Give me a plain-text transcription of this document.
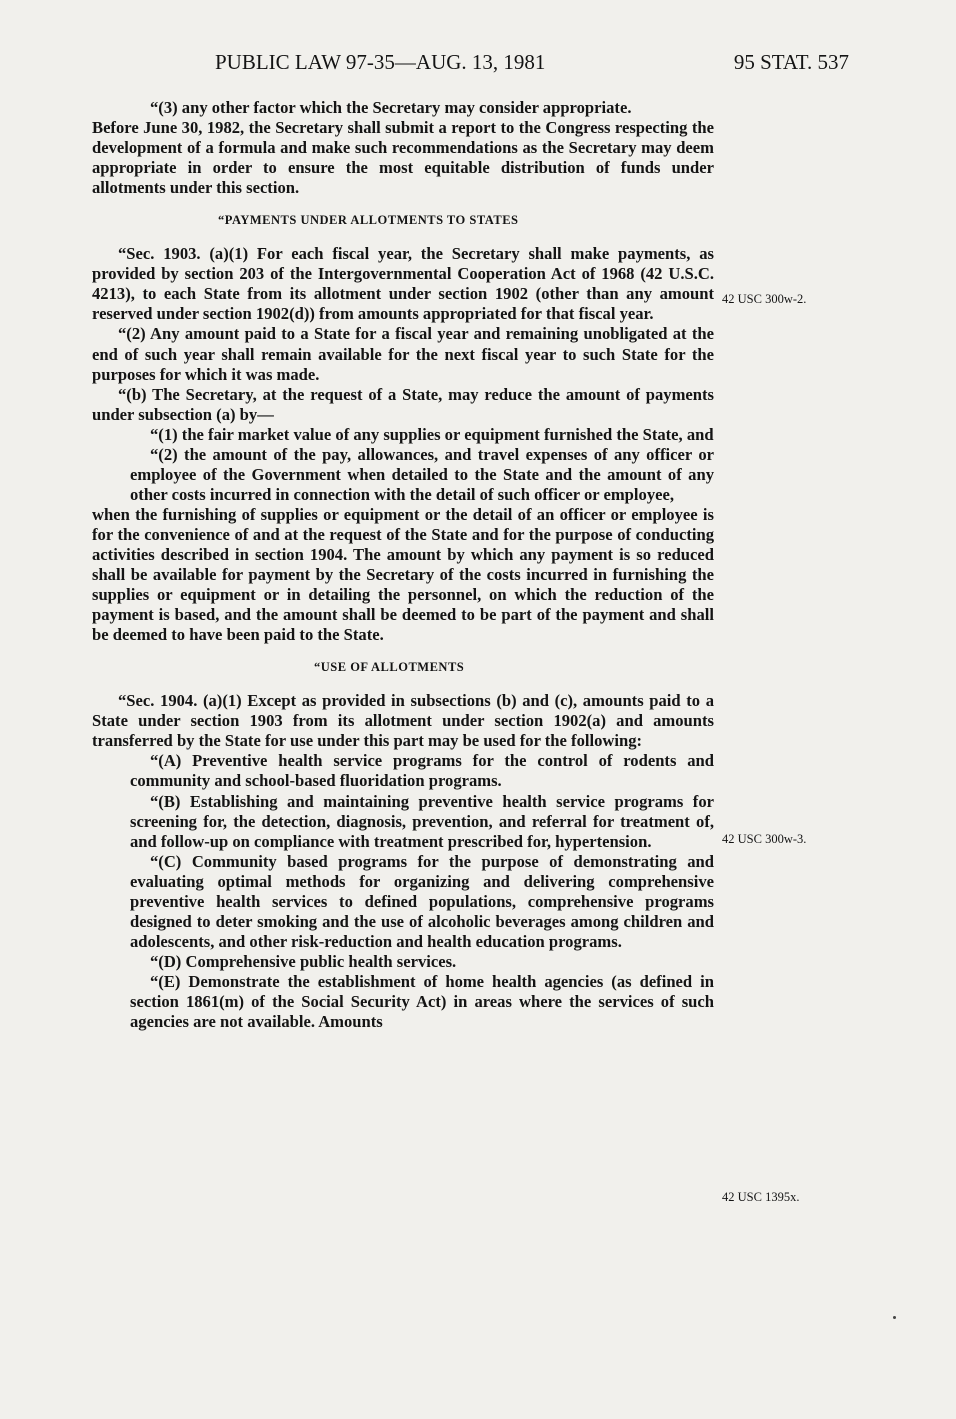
PUBLIC LAW 97-35—AUG. 13, 1981	95 STAT. 537
42 USC 300w-2.
42 USC 300w-3.
42 USC 1395x.

“(3) any other factor which the Secretary may consider appropriate.

Before June 30, 1982, the Secretary shall submit a report to the Congress respecting the development of a formula and make such recommendations as the Secretary may deem appropriate in order to ensure the most equitable distribution of funds under allotments under this section.

“PAYMENTS UNDER ALLOTMENTS TO STATES

“Sec. 1903. (a)(1) For each fiscal year, the Secretary shall make payments, as provided by section 203 of the Intergovernmental Cooperation Act of 1968 (42 U.S.C. 4213), to each State from its allotment under section 1902 (other than any amount reserved under section 1902(d)) from amounts appropriated for that fiscal year.

“(2) Any amount paid to a State for a fiscal year and remaining unobligated at the end of such year shall remain available for the next fiscal year to such State for the purposes for which it was made.

“(b) The Secretary, at the request of a State, may reduce the amount of payments under subsection (a) by—

“(1) the fair market value of any supplies or equipment furnished the State, and

“(2) the amount of the pay, allowances, and travel expenses of any officer or employee of the Government when detailed to the State and the amount of any other costs incurred in connection with the detail of such officer or employee,

when the furnishing of supplies or equipment or the detail of an officer or employee is for the convenience of and at the request of the State and for the purpose of conducting activities described in section 1904. The amount by which any payment is so reduced shall be available for payment by the Secretary of the costs incurred in furnishing the supplies or equipment or in detailing the personnel, on which the reduction of the payment is based, and the amount shall be deemed to be part of the payment and shall be deemed to have been paid to the State.

“USE OF ALLOTMENTS

“Sec. 1904. (a)(1) Except as provided in subsections (b) and (c), amounts paid to a State under section 1903 from its allotment under section 1902(a) and amounts transferred by the State for use under this part may be used for the following:

“(A) Preventive health service programs for the control of rodents and community and school-based fluoridation programs.

“(B) Establishing and maintaining preventive health service programs for screening for, the detection, diagnosis, prevention, and referral for treatment of, and follow-up on compliance with treatment prescribed for, hypertension.

“(C) Community based programs for the purpose of demonstrating and evaluating optimal methods for organizing and delivering comprehensive preventive health services to defined populations, comprehensive programs designed to deter smoking and the use of alcoholic beverages among children and adolescents, and other risk-reduction and health education programs.

“(D) Comprehensive public health services.

“(E) Demonstrate the establishment of home health agencies (as defined in section 1861(m) of the Social Security Act) in areas where the services of such agencies are not available. Amounts
